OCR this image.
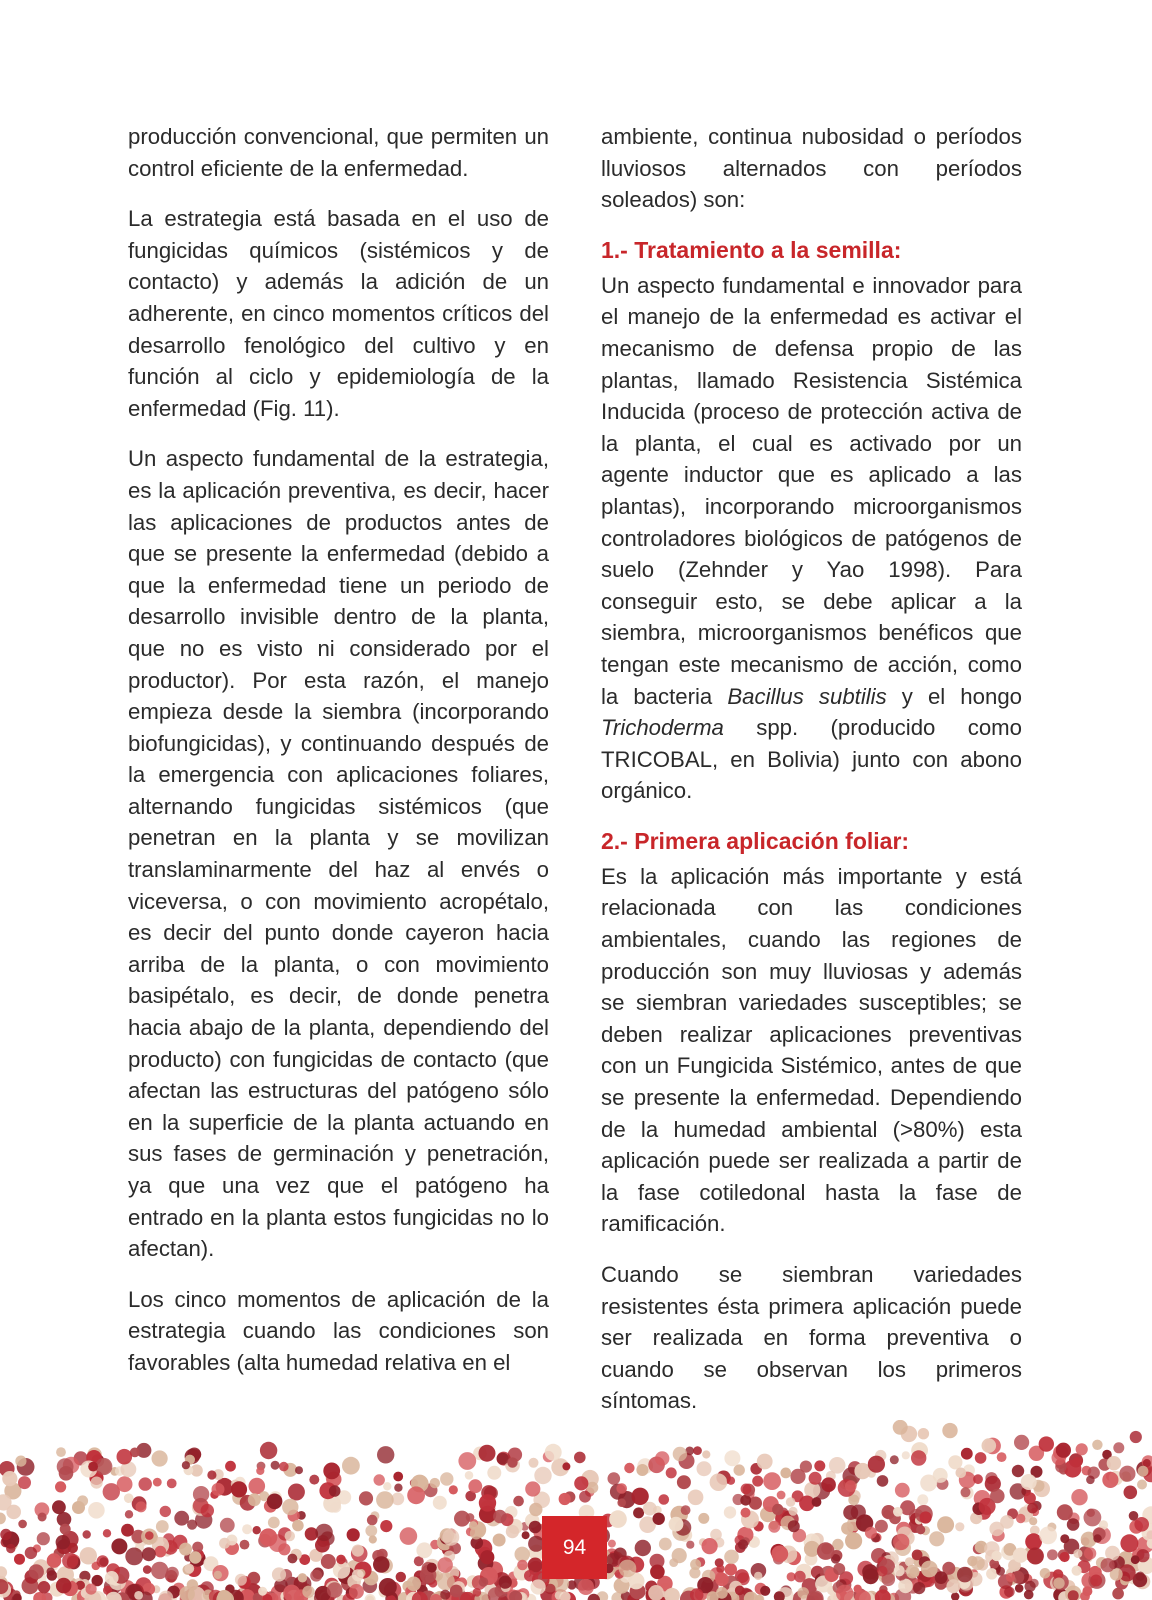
producción convencional, que permiten un control eficiente de la enfermedad.

La estrategia está basada en el uso de fungicidas químicos (sistémicos y de contacto) y además la adición de un adherente, en cinco momentos críticos del desarrollo fenológico del cultivo y en función al ciclo y epidemiología de la enfermedad (Fig. 11).

Un aspecto fundamental de la estrategia, es la aplicación preventiva, es decir, hacer las aplicaciones de productos antes de que se presente la enfermedad (debido a que la enfermedad tiene un periodo de desarrollo invisible dentro de la planta, que no es visto ni considerado por el productor). Por esta razón, el manejo empieza desde la siembra (incorporando biofungicidas), y continuando después de la emergencia con aplicaciones foliares, alternando fungicidas sistémicos (que penetran en la planta y se movilizan translaminarmente del haz al envés o viceversa, o con movimiento acropétalo, es decir del punto donde cayeron hacia arriba de la planta, o con movimiento basipétalo, es decir, de donde penetra hacia abajo de la planta, dependiendo del producto) con fungicidas de contacto (que afectan las estructuras del patógeno sólo en la superficie de la planta actuando en sus fases de germinación y penetración, ya que una vez que el patógeno ha entrado en la planta estos fungicidas no lo afectan).

Los cinco momentos de aplicación de la estrategia cuando las condiciones son favorables (alta humedad relativa en el

ambiente, continua nubosidad o períodos lluviosos alternados con períodos soleados) son:

1.- Tratamiento a la semilla:

Un aspecto fundamental e innovador para el manejo de la enfermedad es activar el mecanismo de defensa propio de las plantas, llamado Resistencia Sistémica Inducida (proceso de protección activa de la planta, el cual es activado por un agente inductor que es aplicado a las plantas), incorporando microorganismos controladores biológicos de patógenos de suelo (Zehnder y Yao 1998). Para conseguir esto, se debe aplicar a la siembra, microorganismos benéficos que tengan este mecanismo de acción, como la bacteria Bacillus subtilis y el hongo Trichoderma spp. (producido como TRICOBAL, en Bolivia) junto con abono orgánico.

2.- Primera aplicación foliar:

Es la aplicación más importante y está relacionada con las condiciones ambientales, cuando las regiones de producción son muy lluviosas y además se siembran variedades susceptibles; se deben realizar aplicaciones preventivas con un Fungicida Sistémico, antes de que se presente la enfermedad. Dependiendo de la humedad ambiental (>80%) esta aplicación puede ser realizada a partir de la fase cotiledonal hasta la fase de ramificación.

Cuando se siembran variedades resistentes ésta primera aplicación puede ser realizada en forma preventiva o cuando se observan los primeros síntomas.

94
